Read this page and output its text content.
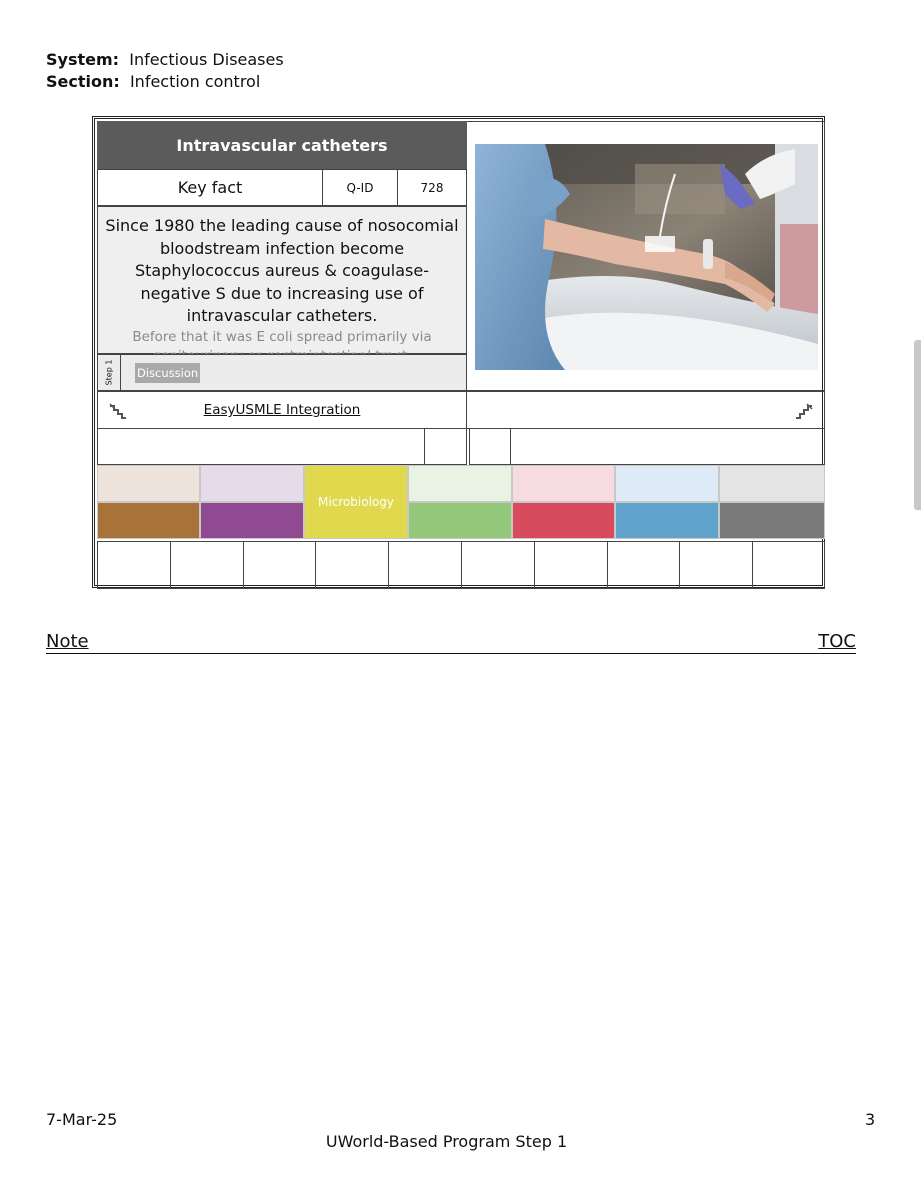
System: Infectious Diseases
Section: Infection control
Intravascular catheters
Key fact	Q-ID	728
Since 1980 the leading cause of nosocomial bloodstream infection become Staphylococcus aureus & coagulase-negative S due to increasing use of intravascular catheters.
Before that it was E coli spread primarily via
Step 1 Discussion
EasyUSMLE Integration
Microbiology
Note	TOC
7-Mar-25	3
UWorld-Based Program Step 1
